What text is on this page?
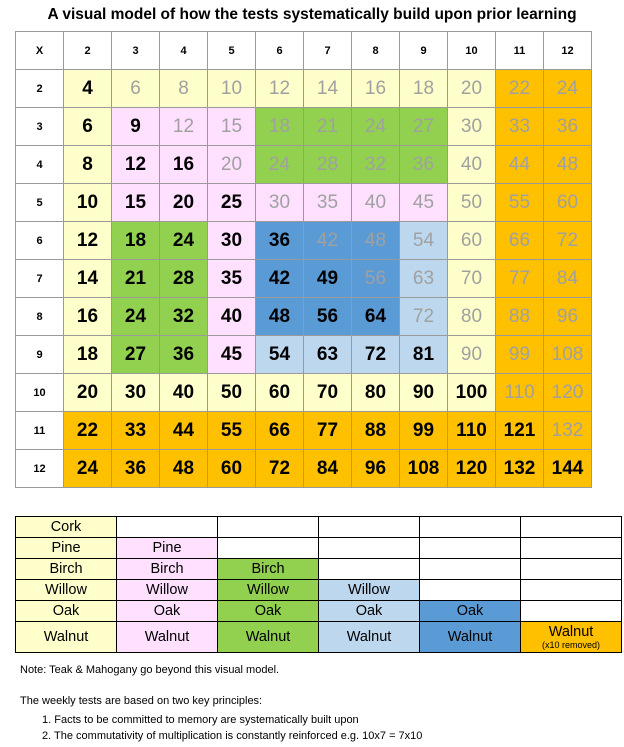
A visual model of how the tests systematically build upon prior learning
X	2	3	4	5	6	7	8	9	10	11	12
2	4	6	8	10	12	14	16	18	20	22	24
3	6	9	12	15	18	21	24	27	30	33	36
4	8	12	16	20	24	28	32	36	40	44	48
5	10	15	20	25	30	35	40	45	50	55	60
6	12	18	24	30	36	42	48	54	60	66	72
7	14	21	28	35	42	49	56	63	70	77	84
8	16	24	32	40	48	56	64	72	80	88	96
9	18	27	36	45	54	63	72	81	90	99	108
10	20	30	40	50	60	70	80	90	100	110	120
11	22	33	44	55	66	77	88	99	110	121	132
12	24	36	48	60	72	84	96	108	120	132	144
Cork					
Pine	Pine				
Birch	Birch	Birch			
Willow	Willow	Willow	Willow		
Oak	Oak	Oak	Oak	Oak	
Walnut	Walnut	Walnut	Walnut	Walnut	Walnut
(x10 removed)
Note: Teak & Mahogany go beyond this visual model.
The weekly tests are based on two key principles:
1. Facts to be committed to memory are systematically built upon
2. The commutativity of multiplication is constantly reinforced e.g. 10x7 = 7x10
